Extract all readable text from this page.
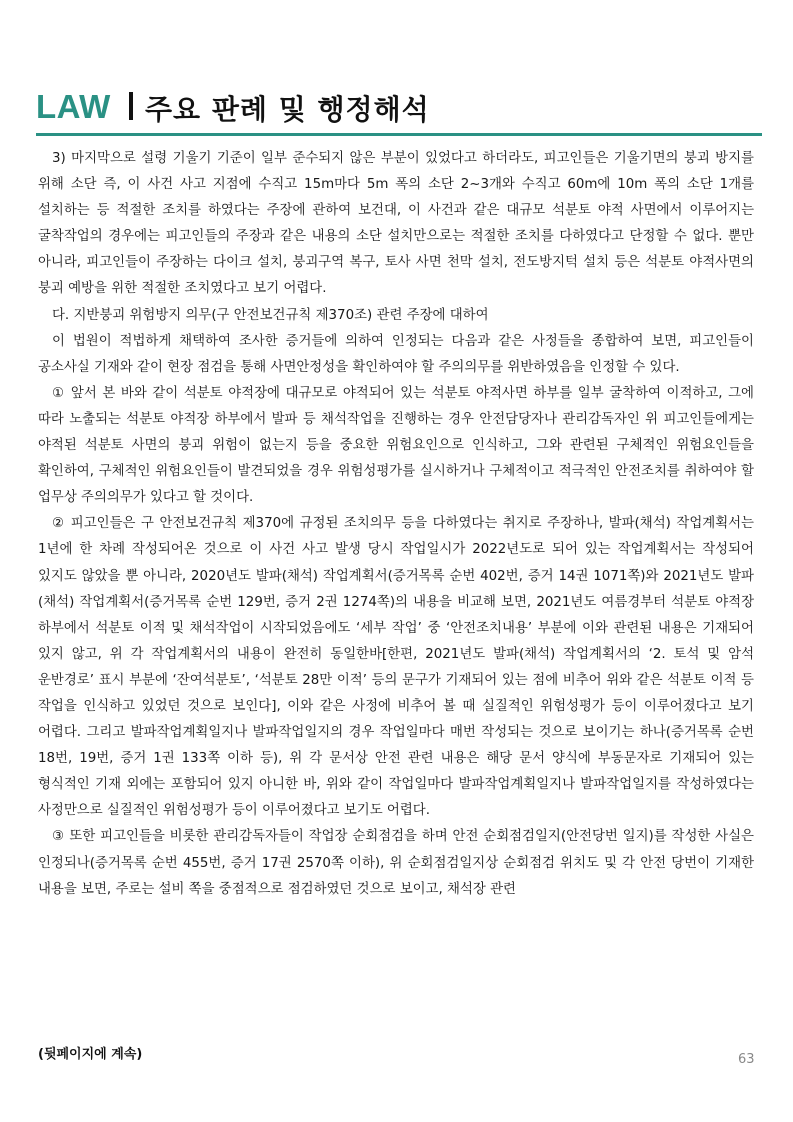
LAW 주요 판례 및 행정해석

3) 마지막으로 설령 기울기 기준이 일부 준수되지 않은 부분이 있었다고 하더라도, 피고인들은 기울기면의 붕괴 방지를 위해 소단 즉, 이 사건 사고 지점에 수직고 15m마다 5m 폭의 소단 2~3개와 수직고 60m에 10m 폭의 소단 1개를 설치하는 등 적절한 조치를 하였다는 주장에 관하여 보건대, 이 사건과 같은 대규모 석분토 야적 사면에서 이루어지는 굴착작업의 경우에는 피고인들의 주장과 같은 내용의 소단 설치만으로는 적절한 조치를 다하였다고 단정할 수 없다. 뿐만 아니라, 피고인들이 주장하는 다이크 설치, 붕괴구역 복구, 토사 사면 천막 설치, 전도방지턱 설치 등은 석분토 야적사면의 붕괴 예방을 위한 적절한 조치였다고 보기 어렵다.

다. 지반붕괴 위험방지 의무(구 안전보건규칙 제370조) 관련 주장에 대하여

이 법원이 적법하게 채택하여 조사한 증거들에 의하여 인정되는 다음과 같은 사정들을 종합하여 보면, 피고인들이 공소사실 기재와 같이 현장 점검을 통해 사면안정성을 확인하여야 할 주의의무를 위반하였음을 인정할 수 있다.

① 앞서 본 바와 같이 석분토 야적장에 대규모로 야적되어 있는 석분토 야적사면 하부를 일부 굴착하여 이적하고, 그에 따라 노출되는 석분토 야적장 하부에서 발파 등 채석작업을 진행하는 경우 안전담당자나 관리감독자인 위 피고인들에게는 야적된 석분토 사면의 붕괴 위험이 없는지 등을 중요한 위험요인으로 인식하고, 그와 관련된 구체적인 위험요인들을 확인하여, 구체적인 위험요인들이 발견되었을 경우 위험성평가를 실시하거나 구체적이고 적극적인 안전조치를 취하여야 할 업무상 주의의무가 있다고 할 것이다.

② 피고인들은 구 안전보건규칙 제370에 규정된 조치의무 등을 다하였다는 취지로 주장하나, 발파(채석) 작업계획서는 1년에 한 차례 작성되어온 것으로 이 사건 사고 발생 당시 작업일시가 2022년도로 되어 있는 작업계획서는 작성되어 있지도 않았을 뿐 아니라, 2020년도 발파(채석) 작업계획서(증거목록 순번 402번, 증거 14권 1071쪽)와 2021년도 발파(채석) 작업계획서(증거목록 순번 129번, 증거 2권 1274쪽)의 내용을 비교해 보면, 2021년도 여름경부터 석분토 야적장 하부에서 석분토 이적 및 채석작업이 시작되었음에도 ‘세부 작업’ 중 ‘안전조치내용’ 부분에 이와 관련된 내용은 기재되어 있지 않고, 위 각 작업계획서의 내용이 완전히 동일한바[한편, 2021년도 발파(채석) 작업계획서의 ‘2. 토석 및 암석 운반경로’ 표시 부분에 ‘잔여석분토’, ‘석분토 28만 이적’ 등의 문구가 기재되어 있는 점에 비추어 위와 같은 석분토 이적 등 작업을 인식하고 있었던 것으로 보인다], 이와 같은 사정에 비추어 볼 때 실질적인 위험성평가 등이 이루어졌다고 보기 어렵다. 그리고 발파작업계획일지나 발파작업일지의 경우 작업일마다 매번 작성되는 것으로 보이기는 하나(증거목록 순번 18번, 19번, 증거 1권 133쪽 이하 등), 위 각 문서상 안전 관련 내용은 해당 문서 양식에 부동문자로 기재되어 있는 형식적인 기재 외에는 포함되어 있지 아니한 바, 위와 같이 작업일마다 발파작업계획일지나 발파작업일지를 작성하였다는 사정만으로 실질적인 위험성평가 등이 이루어졌다고 보기도 어렵다.

③ 또한 피고인들을 비롯한 관리감독자들이 작업장 순회점검을 하며 안전 순회점검일지(안전당번 일지)를 작성한 사실은 인정되나(증거목록 순번 455번, 증거 17권 2570쪽 이하), 위 순회점검일지상 순회점검 위치도 및 각 안전 당번이 기재한 내용을 보면, 주로는 설비 쪽을 중점적으로 점검하였던 것으로 보이고, 채석장 관련

(뒷페이지에 계속)	63
